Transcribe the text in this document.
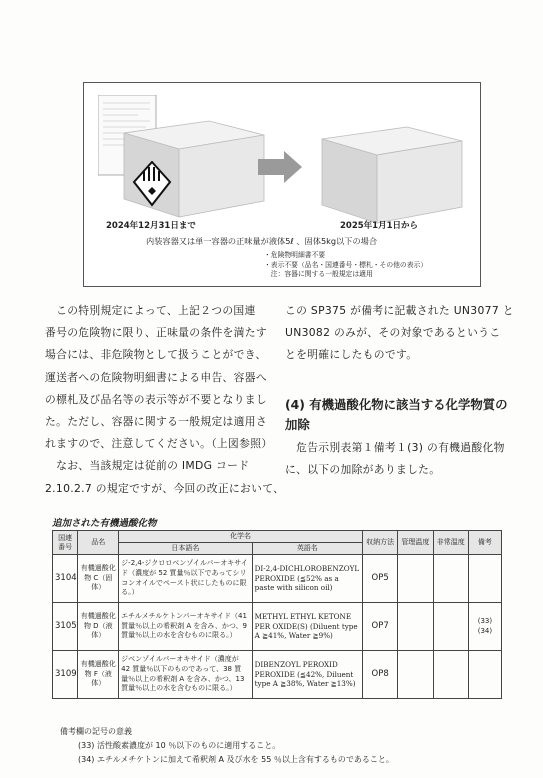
2024年12月31日まで	2025年1月1日から
内装容器又は単一容器の正味量が液体5ℓ 、固体5kg以下の場合
・危険物明細書不要
・表示不要（品名・国連番号・標札・その他の表示）
　注：容器に関する一般規定は適用

　この特別規定によって、上記２つの国連

番号の危険物に限り、正味量の条件を満たす

場合には、非危険物として扱うことができ、

運送者への危険物明細書による申告、容器へ

の標札及び品名等の表示等が不要となりまし

た。ただし、容器に関する一般規定は適用さ

れますので、注意してください。（上図参照）

　なお、当該規定は従前の IMDG コード

2.10.2.7 の規定ですが、今回の改正において、

この SP375 が備考に記載された UN3077 と

UN3082 のみが、その対象であるというこ

とを明確にしたものです。

(4) 有機過酸化物に該当する化学物質の
加除

　危告示別表第１備考１(3) の有機過酸化物

に、以下の加除がありました。

追加された有機過酸化物
国連番号	品名	化学名		収納方法	管理温度	非常温度	備考
		日本語名	英語名				
3104	有機過酸化物 C（固体）	ジ-2,4-ジクロロベンゾイルパーオキサイド（濃度が 52 質量％以下であってシリコンオイルでペースト状にしたものに限る。）	DI-2,4-DICHLOROBENZOYL PEROXIDE (≦52% as a paste with silicon oil)	OP5			
3105	有機過酸化物 D（液体）	エチルメチルケトンパーオキサイド（41 質量％以上の希釈剤 A を含み、かつ、9 質量％以上の水を含むものに限る。）	METHYL ETHYL KETONE PER OXIDE(S) (Diluent type A ≧41%, Water ≧9%)	OP7			(33)
(34)
3109	有機過酸化物 F（液体）	ジベンゾイルパーオキサイド（濃度が 42 質量％以下のものであって、38 質量％以上の希釈剤 A を含み、かつ、13 質量％以上の水を含むものに限る。）	DIBENZOYL PEROXID PEROXIDE (≦42%, Diluent type A ≧38%, Water ≧13%)	OP8			
備考欄の記号の意義
(33) 活性酸素濃度が 10 ％以下のものに適用すること。
(34) エチルメチケトンに加えて希釈剤 A 及び水を 55 ％以上含有するものであること。
